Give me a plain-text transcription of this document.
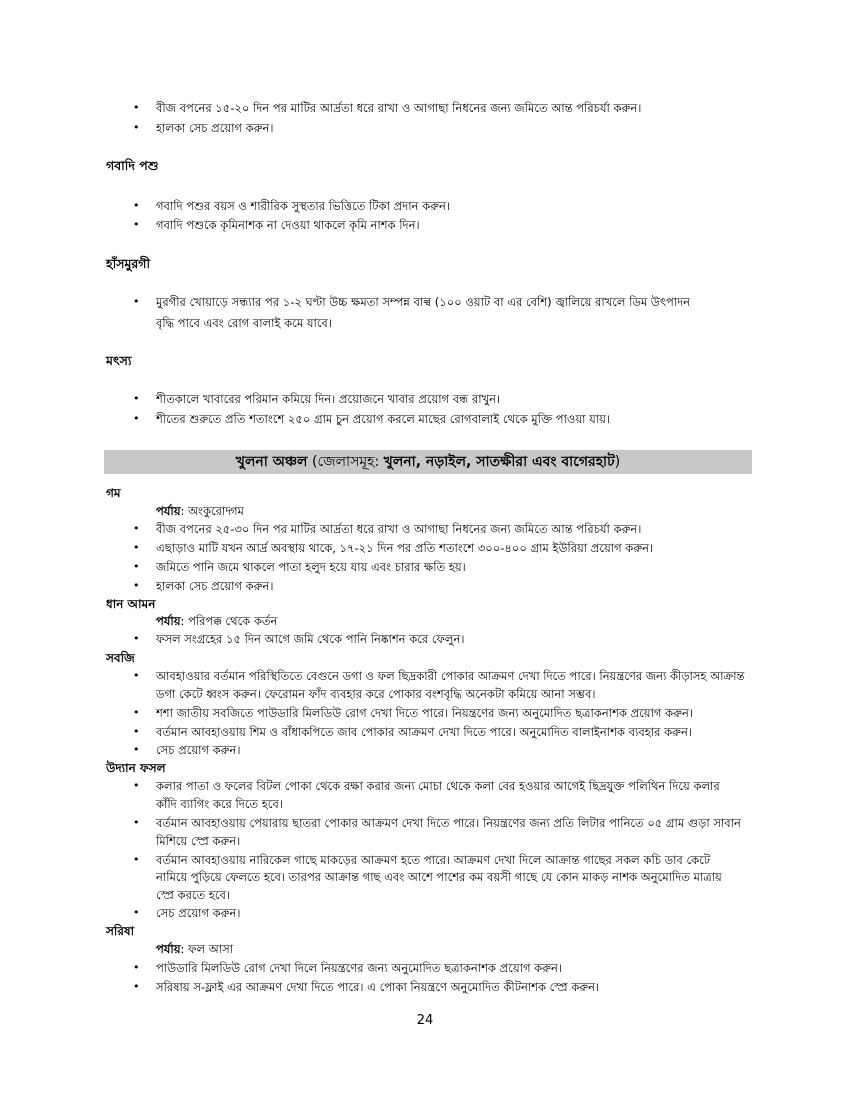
• বীজ বপনের ১৫-২০ দিন পর মাটির আর্দ্রতা ধরে রাখা ও আগাছা নিধনের জন্য জমিতে আন্ত পরিচর্যা করুন।
• হালকা সেচ প্রয়োগ করুন।
গবাদি পশু
• গবাদি পশুর বয়স ও শারীরিক সুস্থতার ভিত্তিতে টিকা প্রদান করুন।
• গবাদি পশুকে কৃমিনাশক না দেওয়া থাকলে কৃমি নাশক দিন।
হাঁসমুরগী
• মুরগীর খোয়াড়ে সন্ধ্যার পর ১-২ ঘণ্টা উচ্চ ক্ষমতা সম্পন্ন বাল্ব (১০০ ওয়াট বা এর বেশি) জ্বালিয়ে রাখলে ডিম উৎপাদন
বৃদ্ধি পাবে এবং রোগ বালাই কমে যাবে।
মৎস্য
• শীতকালে খাবারের পরিমান কমিয়ে দিন। প্রয়োজনে খাবার প্রয়োগ বন্ধ রাখুন।
• শীতের শুরুতে প্রতি শতাংশে ২৫০ গ্রাম চুন প্রয়োগ করলে মাছের রোগবালাই থেকে মুক্তি পাওয়া যায়।
খুলনা অঞ্চল (জেলাসমূহ: খুলনা, নড়াইল, সাতক্ষীরা এবং বাগেরহাট)
গম
পর্যায়: অংকুরোদ্গম
• বীজ বপনের ২৫-৩০ দিন পর মাটির আর্দ্রতা ধরে রাখা ও আগাছা নিধনের জন্য জমিতে আন্ত পরিচর্যা করুন।
• এছাড়াও মাটি যখন আর্দ্র অবস্থায় থাকে, ১৭-২১ দিন পর প্রতি শতাংশে ৩০০-৪০০ গ্রাম ইউরিয়া প্রয়োগ করুন।
• জমিতে পানি জমে থাকলে পাতা হলুদ হয়ে যায় এবং চারার ক্ষতি হয়।
• হালকা সেচ প্রয়োগ করুন।
ধান আমন
পর্যায়: পরিপক্ক থেকে কর্তন
• ফসল সংগ্রহের ১৫ দিন আগে জমি থেকে পানি নিষ্কাশন করে ফেলুন।
সবজি
• আবহাওয়ার বর্তমান পরিস্থিতিতে বেগুনে ডগা ও ফল ছিদ্রকারী পোকার আক্রমণ দেখা দিতে পারে। নিয়ন্ত্রণের জন্য কীড়াসহ আক্রান্ত
ডগা কেটে ধ্বংস করুন। ফেরোমন ফাঁদ ব্যবহার করে পোকার বংশবৃদ্ধি অনেকটা কমিয়ে আনা সম্ভব।
• শশা জাতীয় সবজিতে পাউডারি মিলডিউ রোগ দেখা দিতে পারে। নিয়ন্ত্রণের জন্য অনুমোদিত ছত্রাকনাশক প্রয়োগ করুন।
• বর্তমান আবহাওয়ায় শিম ও বাঁধাকপিতে জাব পোকার আক্রমণ দেখা দিতে পারে। অনুমোদিত বালাইনাশক ব্যবহার করুন।
• সেচ প্রয়োগ করুন।
উদ্যান ফসল
• কলার পাতা ও ফলের বিটল পোকা থেকে রক্ষা করার জন্য মোচা থেকে কলা বের হওয়ার আগেই ছিদ্রযুক্ত পলিথিন দিয়ে কলার
কাঁদি ব্যাগিং করে দিতে হবে।
• বর্তমান আবহাওয়ায় পেয়ারায় ছাতরা পোকার আক্রমণ দেখা দিতে পারে। নিয়ন্ত্রণের জন্য প্রতি লিটার পানিতে ০৫ গ্রাম গুড়া সাবান
মিশিয়ে স্প্রে করুন।
• বর্তমান আবহাওয়ায় নারিকেল গাছে মাকড়ের আক্রমণ হতে পারে। আক্রমণ দেখা দিলে আক্রান্ত গাছের সকল কচি ডাব কেটে
নামিয়ে পুড়িয়ে ফেলতে হবে। তারপর আক্রান্ত গাছ এবং আশে পাশের কম বয়সী গাছে যে কোন মাকড় নাশক অনুমোদিত মাত্রায়
স্প্রে করতে হবে।
• সেচ প্রয়োগ করুন।
সরিষা
পর্যায়: ফল আসা
• পাউডারি মিলডিউ রোগ দেখা দিলে নিয়ন্ত্রণের জন্য অনুমোদিত ছত্রাকনাশক প্রয়োগ করুন।
• সরিষায় স-ফ্লাই এর আক্রমণ দেখা দিতে পারে। এ পোকা নিয়ন্ত্রণে অনুমোদিত কীটনাশক স্প্রে করুন।
24
